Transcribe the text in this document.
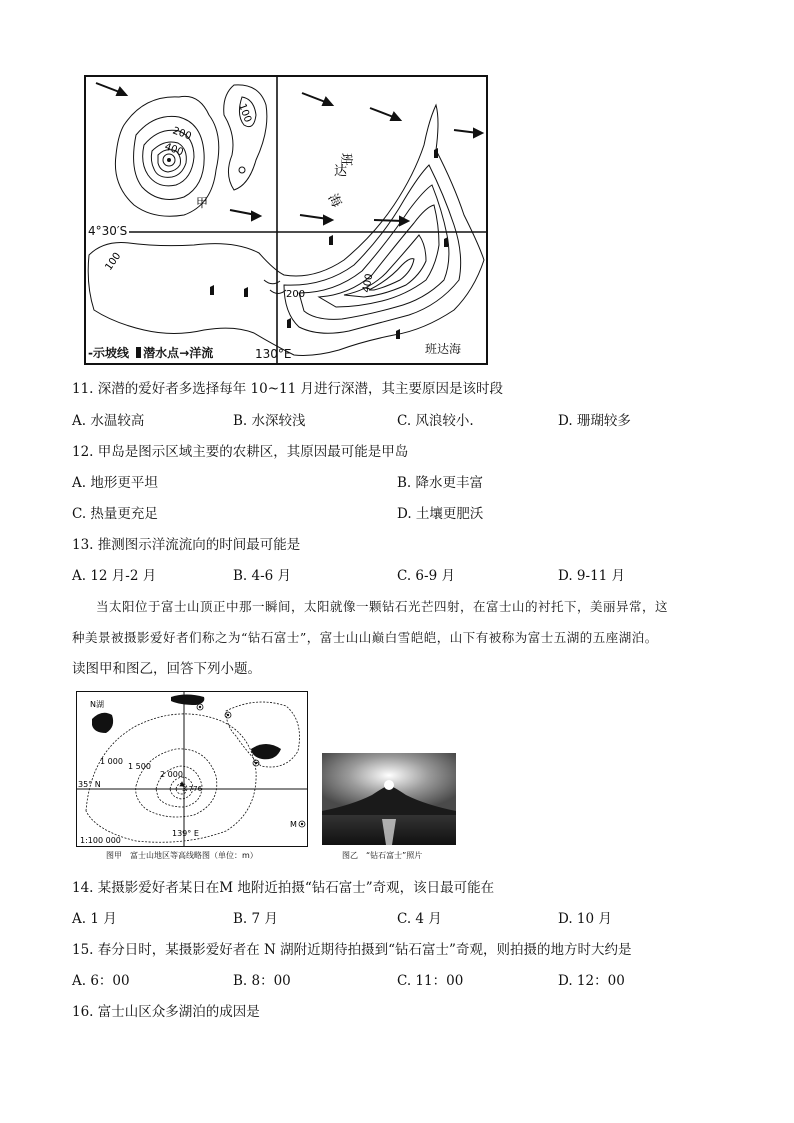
200
400
100
100
200
400
甲
班
达
海
4°30′S
130°E
-示坡线 潜水点→洋流	班达海
11. 深潜的爱好者多选择每年 10~11 月进行深潜，其主要原因是该时段
A. 水温较高	B. 水深较浅	C. 风浪较小.	D. 珊瑚较多
12. 甲岛是图示区域主要的农耕区，其原因最可能是甲岛
A. 地形更平坦	B. 降水更丰富
C. 热量更充足	D. 土壤更肥沃
13. 推测图示洋流流向的时间最可能是
A. 12 月-2 月	B. 4-6 月	C. 6-9 月	D. 9-11 月
当太阳位于富士山顶正中那一瞬间，太阳就像一颗钻石光芒四射，在富士山的衬托下，美丽异常，这
种美景被摄影爱好者们称之为“钻石富士”，富士山山巅白雪皑皑，山下有被称为富士五湖的五座湖泊。
读图甲和图乙，回答下列小题。
N湖
1 000
1 500
2 000
3 776
35° N
139° E
1:100 000
M
图甲　富士山地区等高线略图（单位：m）	图乙　“钻石富士”照片
14. 某摄影爱好者某日在M 地附近拍摄“钻石富士”奇观，该日最可能在
A. 1 月	B. 7 月	C. 4 月	D. 10 月
15. 春分日时，某摄影爱好者在 N 湖附近期待拍摄到“钻石富士”奇观，则拍摄的地方时大约是
A. 6：00	B. 8：00	C. 11：00	D. 12：00
16. 富士山区众多湖泊的成因是
